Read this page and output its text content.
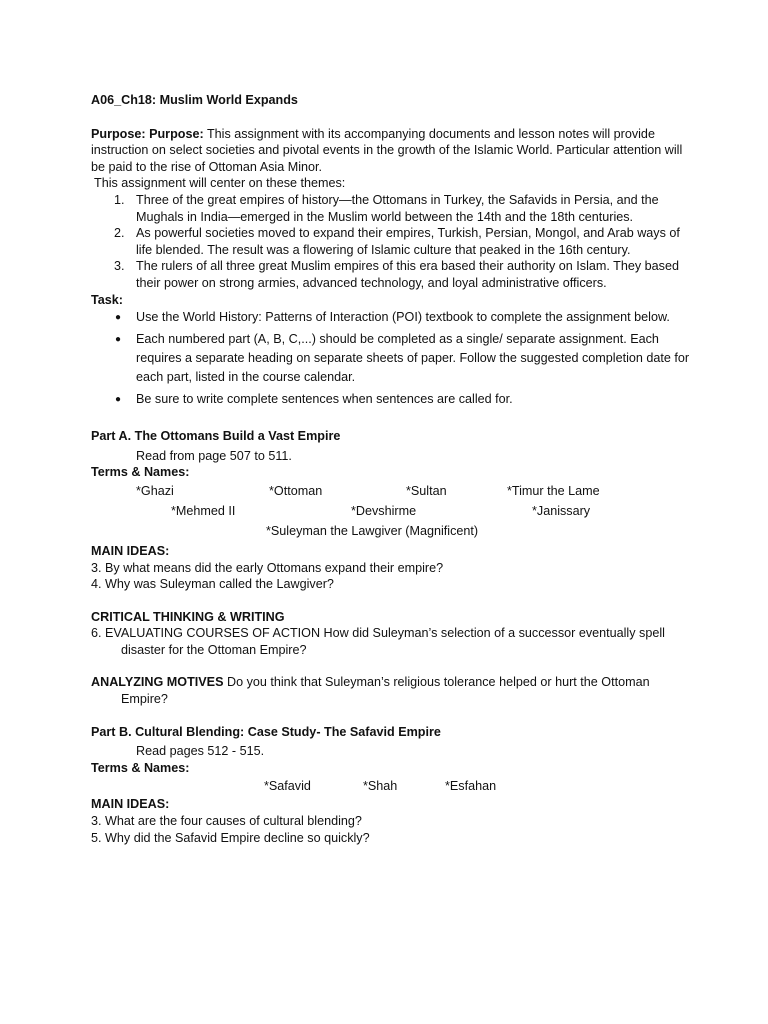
A06_Ch18: Muslim World Expands

Purpose: Purpose: This assignment with its accompanying documents and lesson notes will provide instruction on select societies and pivotal events in the growth of the Islamic World. Particular attention will be paid to the rise of Ottoman Asia Minor.

This assignment will center on these themes:

1. Three of the great empires of history—the Ottomans in Turkey, the Safavids in Persia, and the Mughals in India—emerged in the Muslim world between the 14th and the 18th centuries.
2. As powerful societies moved to expand their empires, Turkish, Persian, Mongol, and Arab ways of life blended. The result was a flowering of Islamic culture that peaked in the 16th century.
3. The rulers of all three great Muslim empires of this era based their authority on Islam. They based their power on strong armies, advanced technology, and loyal administrative officers.

Task:

● Use the World History: Patterns of Interaction (POI) textbook to complete the assignment below.
● Each numbered part (A, B, C,...) should be completed as a single/ separate assignment. Each requires a separate heading on separate sheets of paper. Follow the suggested completion date for each part, listed in the course calendar.
● Be sure to write complete sentences when sentences are called for.

Part A. The Ottomans Build a Vast Empire

Read from page 507 to 511.

Terms & Names:

*Ghazi	*Ottoman	*Sultan	*Timur the Lame
*Mehmed II	*Devshirme	*Janissary
*Suleyman the Lawgiver (Magnificent)

MAIN IDEAS:

3. By what means did the early Ottomans expand their empire?

4. Why was Suleyman called the Lawgiver?

CRITICAL THINKING & WRITING

6. EVALUATING COURSES OF ACTION How did Suleyman’s selection of a successor eventually spell disaster for the Ottoman Empire?

ANALYZING MOTIVES Do you think that Suleyman’s religious tolerance helped or hurt the Ottoman Empire?

Part B. Cultural Blending: Case Study- The Safavid Empire

Read pages 512 - 515.

Terms & Names:

*Safavid	*Shah	*Esfahan

MAIN IDEAS:

3. What are the four causes of cultural blending?

5. Why did the Safavid Empire decline so quickly?
